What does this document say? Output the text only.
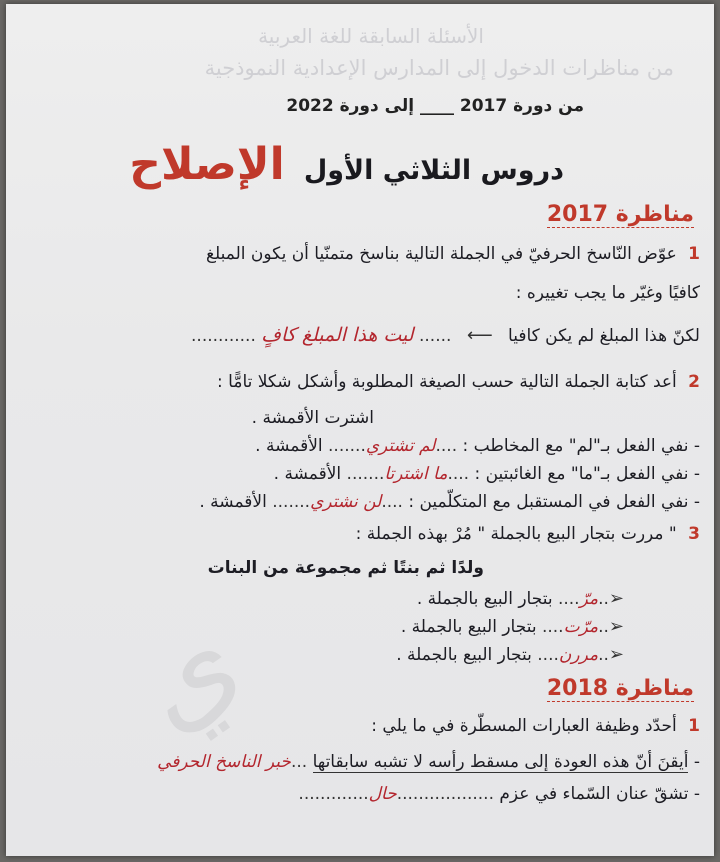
ي
الأسئلة السابقة للغة العربية
من مناظرات الدخول إلى المدارس الإعدادية النموذجية
من دورة 2017 ____ إلى دورة 2022
دروس الثلاثي الأول الإصلاح
مناظرة 2017
1 عوّض النّاسخ الحرفيّ في الجملة التالية بناسخ متمنّيا أن يكون المبلغ
كافيًا وغيّر ما يجب تغييره :
لكنّ هذا المبلغ لم يكن كافيا ⟵ ...... ليت هذا المبلغ كافٍ ............
2 أعد كتابة الجملة التالية حسب الصيغة المطلوبة وأشكل شكلا تامًّا :
اشترت الأقمشة .
- نفي الفعل بـ"لم" مع المخاطب : ....لم تشتري....... الأقمشة .
- نفي الفعل بـ"ما" مع الغائبتين : ....ما اشترتا....... الأقمشة .
- نفي الفعل في المستقبل مع المتكلّمين : ....لن نشتري....... الأقمشة .
3 " مررت بتجار البيع بالجملة " مُرْ بهذه الجملة :
ولدًا ثم بنتًا ثم مجموعة من البنات
➢..مرّ.... بتجار البيع بالجملة .
➢..مرّت.... بتجار البيع بالجملة .
➢..مررن.... بتجار البيع بالجملة .
مناظرة 2018
1 أحدّد وظيفة العبارات المسطّرة في ما يلي :
- أيقنَ أنّ هذه العودة إلى مسقط رأسه لا تشبه سابقاتها ...خبر الناسخ الحرفي
- تشقّ عنان السّماء في عزم ..................حال.............
